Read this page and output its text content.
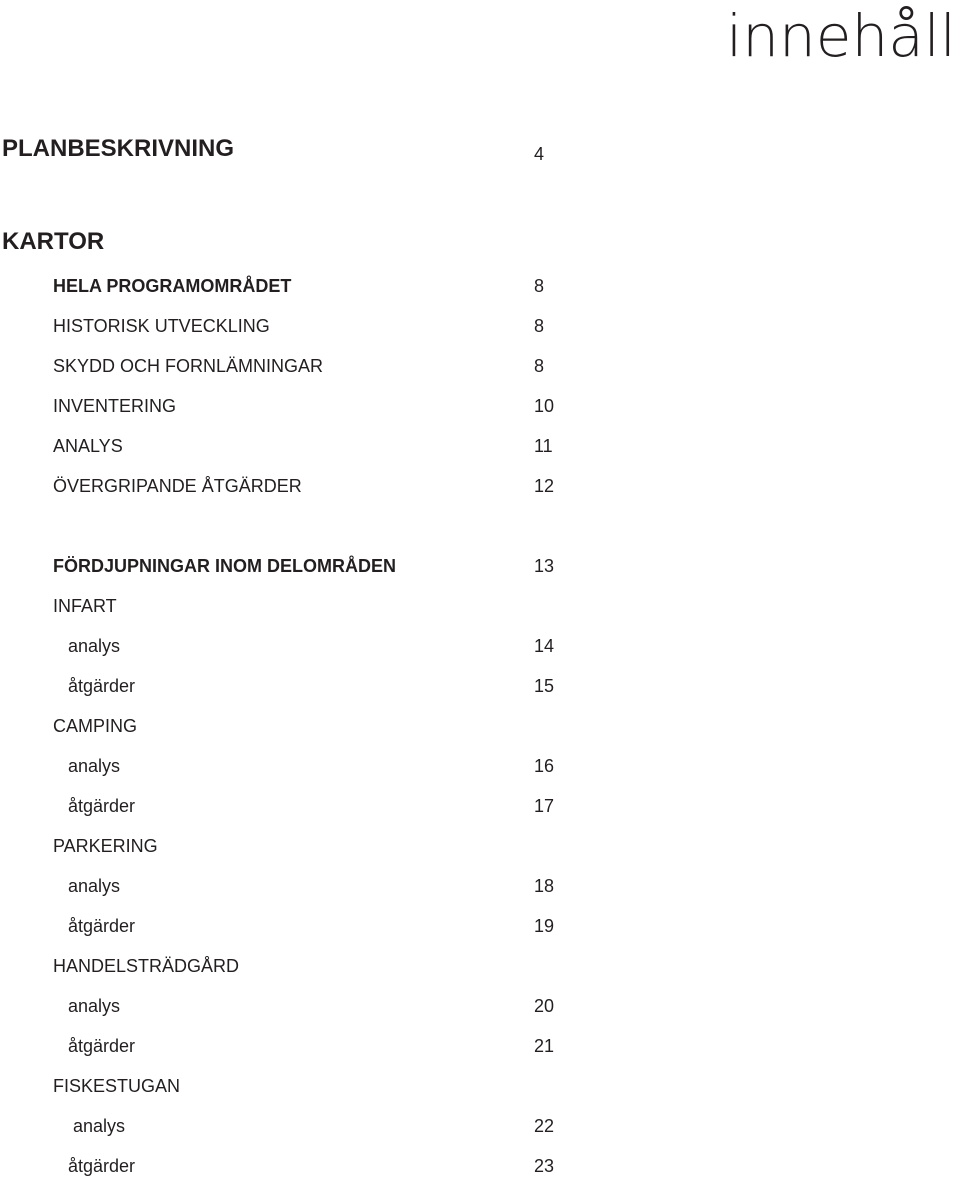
innehåll
PLANBESKRIVNING	4
KARTOR
HELA PROGRAMOMRÅDET	8
HISTORISK UTVECKLING	8
SKYDD OCH FORNLÄMNINGAR	8
INVENTERING	10
ANALYS	11
ÖVERGRIPANDE ÅTGÄRDER	12
FÖRDJUPNINGAR INOM DELOMRÅDEN	13
INFART
analys	14
åtgärder	15
CAMPING
analys	16
åtgärder	17
PARKERING
analys	18
åtgärder	19
HANDELSTRÄDGÅRD
analys	20
åtgärder	21
FISKESTUGAN
analys	22
åtgärder	23
